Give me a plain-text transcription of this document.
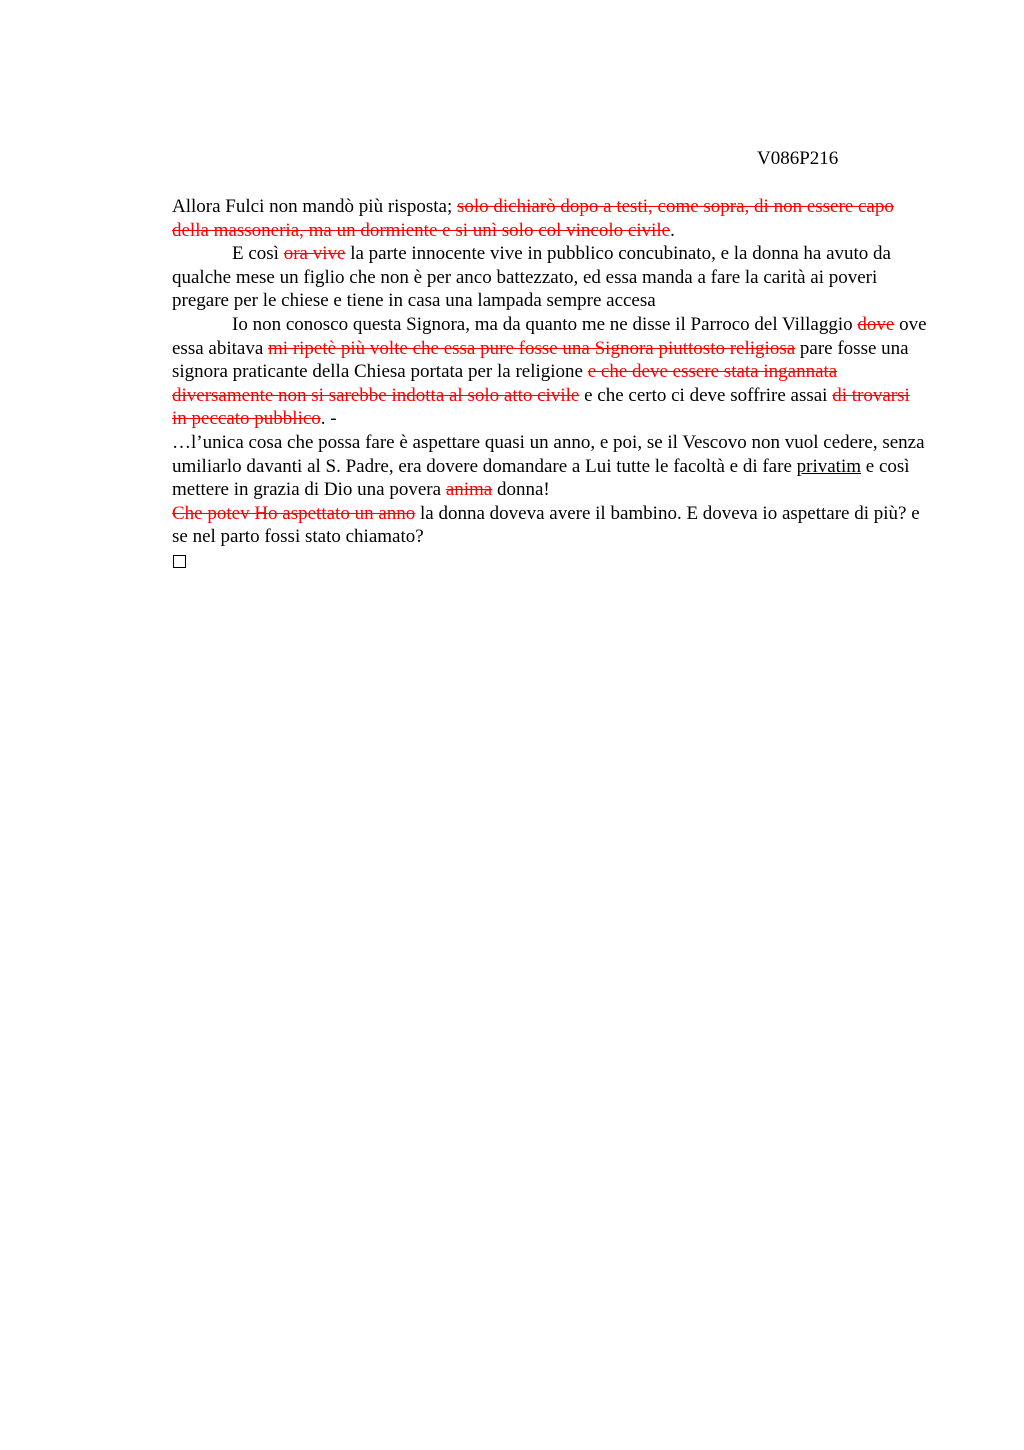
V086P216

Allora Fulci non mandò più risposta; solo dichiarò dopo a testi, come sopra, di non essere capo della massoneria, ma un dormiente e si unì solo col vincolo civile.

E così ora vive la parte innocente vive in pubblico concubinato, e la donna ha avuto da qualche mese un figlio che non è per anco battezzato, ed essa manda a fare la carità ai poveri pregare per le chiese e tiene in casa una lampada sempre accesa

Io non conosco questa Signora, ma da quanto me ne disse il Parroco del Villaggio dove ove essa abitava mi ripetè più volte che essa pure fosse una Signora piuttosto religiosa pare fosse una signora praticante della Chiesa portata per la religione e che deve essere stata ingannata diversamente non si sarebbe indotta al solo atto civile e che certo ci deve soffrire assai di trovarsi in peccato pubblico. -

…l’unica cosa che possa fare è aspettare quasi un anno, e poi, se il Vescovo non vuol cedere, senza umiliarlo davanti al S. Padre, era dovere domandare a Lui tutte le facoltà e di fare privatim e così mettere in grazia di Dio una povera anima donna!

Che potev Ho aspettato un anno la donna doveva avere il bambino. E doveva io aspettare di più? e se nel parto fossi stato chiamato?
